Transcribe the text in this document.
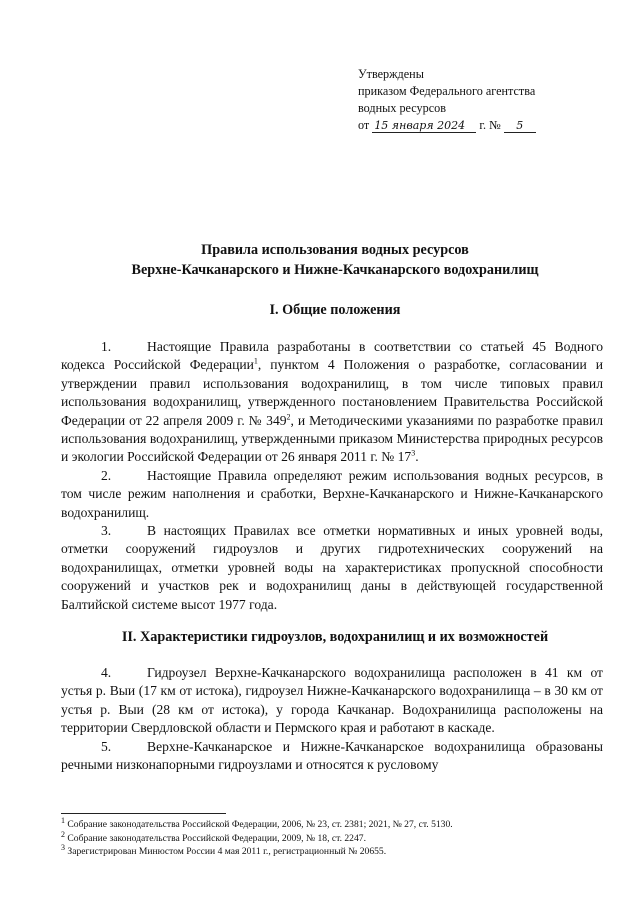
Утверждены
приказом Федерального агентства
водных ресурсов
от 15 января 2024 г. № 5
Правила использования водных ресурсов
Верхне-Качканарского и Нижне-Качканарского водохранилищ
I. Общие положения

1.	Настоящие Правила разработаны в соответствии со статьей 45 Водного кодекса Российской Федерации$^1$, пунктом 4 Положения о разработке, согласовании и утверждении правил использования водохранилищ, в том числе типовых правил использования водохранилищ, утвержденного постановлением Правительства Российской Федерации от 22 апреля 2009 г. № $349^2$, и Методическими указаниями по разработке правил использования водохранилищ, утвержденными приказом Министерства природных ресурсов и экологии Российской Федерации от 26 января 2011 г. № $17^3$.

2.	Настоящие Правила определяют режим использования водных ресурсов, в том числе режим наполнения и сработки, Верхне-Качканарского и Нижне-Качканарского водохранилищ.

3.	В настоящих Правилах все отметки нормативных и иных уровней воды, отметки сооружений гидроузлов и других гидротехнических сооружений на водохранилищах, отметки уровней воды на характеристиках пропускной способности сооружений и участков рек и водохранилищ даны в действующей государственной Балтийской системе высот 1977 года.

II. Характеристики гидроузлов, водохранилищ и их возможностей

4.	Гидроузел Верхне-Качканарского водохранилища расположен в 41 км от устья р. Выи (17 км от истока), гидроузел Нижне-Качканарского водохранилища – в 30 км от устья р. Выи (28 км от истока), у города Качканар. Водохранилища расположены на территории Свердловской области и Пермского края и работают в каскаде.

5.	Верхне-Качканарское и Нижне-Качканарское водохранилища образованы речными низконапорными гидроузлами и относятся к русловому

$^1$ Собрание законодательства Российской Федерации, 2006, № 23, ст. 2381; 2021, № 27, ст. 5130.
$^2$ Собрание законодательства Российской Федерации, 2009, № 18, ст. 2247.
$^3$ Зарегистрирован Минюстом России 4 мая 2011 г., регистрационный № 20655.
